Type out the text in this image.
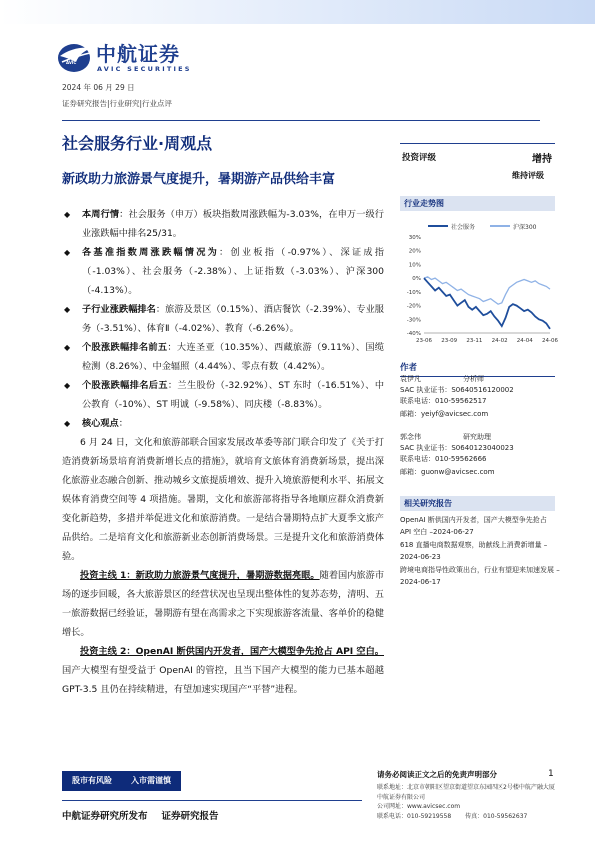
AVIC 中航证券
AVIC SECURITIES
2024 年 06 月 29 日
证券研究报告|行业研究|行业点评
社会服务行业·周观点
新政助力旅游景气度提升，暑期游产品供给丰富
投资评级	增持
维持评级
行业走势图
社会服务	沪深300
30%
20%
10%
0%
-10%
-20%
-30%
-40%
23-06 23-09 23-11 24-02 24-04 24-06
作者
袁伊凡	分析师
SAC 执业证书：S0640516120002
联系电话：010-59562517
邮箱：yeiyf@avicsec.com
郭念伟	研究助理
SAC 执业证书：S0640123040023
联系电话：010-59562666
邮箱：guonw@avicsec.com
相关研究报告
OpenAI 断供国内开发者，国产大模型争先抢占 API 空白 –2024-06-27
618 直播电商数据观察，助献线上消费新增量 –2024-06-23
跨境电商指导性政策出台，行业有望迎来加速发展 –2024-06-17
◆ 本周行情：社会服务（申万）板块指数周涨跌幅为-3.03%，在申万一级行业涨跌幅中排名25/31。
◆ 各基准指数周涨跌幅情况为：创业板指（-0.97%）、深证成指（-1.03%）、社会服务（-2.38%）、上证指数（-3.03%）、沪深300（-4.13%）。
◆ 子行业涨跌幅排名：旅游及景区（0.15%）、酒店餐饮（-2.39%）、专业服务（-3.51%）、体育Ⅱ（-4.02%）、教育（-6.26%）。
◆ 个股涨跌幅排名前五：大连圣亚（10.35%）、西藏旅游（9.11%）、国缆检测（8.26%）、中金辐照（4.44%）、零点有数（4.42%）。
◆ 个股涨跌幅排名后五：兰生股份（-32.92%）、ST 东时（-16.51%）、中公教育（-10%）、ST 明诚（-9.58%）、同庆楼（-8.83%）。
◆ 核心观点：
6 月 24 日，文化和旅游部联合国家发展改革委等部门联合印发了《关于打造消费新场景培育消费新增长点的措施》，就培育文旅体育消费新场景，提出深化旅游业态融合创新、推动城乡文旅提质增效、提升入境旅游便利水平、拓展文娱体育消费空间等 4 项措施。暑期，文化和旅游部将指导各地顺应群众消费新变化新趋势，多措并举促进文化和旅游消费。一是结合暑期特点扩大夏季文旅产品供给。二是培育文化和旅游新业态创新消费场景。三是提升文化和旅游消费体验。
投资主线 1：新政助力旅游景气度提升，暑期游数据亮眼。随着国内旅游市场的逐步回暖，各大旅游景区的经营状况也呈现出整体性的复苏态势，清明、五一旅游数据已经验证，暑期游有望在高需求之下实现旅游客流量、客单价的稳健增长。
投资主线 2：OpenAI 断供国内开发者，国产大模型争先抢占 API 空白。国产大模型有望受益于 OpenAI 的管控，且当下国产大模型的能力已基本超越 GPT-3.5 且仍在持续精进，有望加速实现国产“平替”进程。
股市有风险 入市需谨慎
请务必阅读正文之后的免责声明部分	1
联系地址：北京市朝阳区望京街道望京东园四区2号楼中航产融大厦中航证券有限公司
公司网址：www.avicsec.com
联系电话：010-59219558 传真：010-59562637
中航证券研究所发布 证券研究报告
